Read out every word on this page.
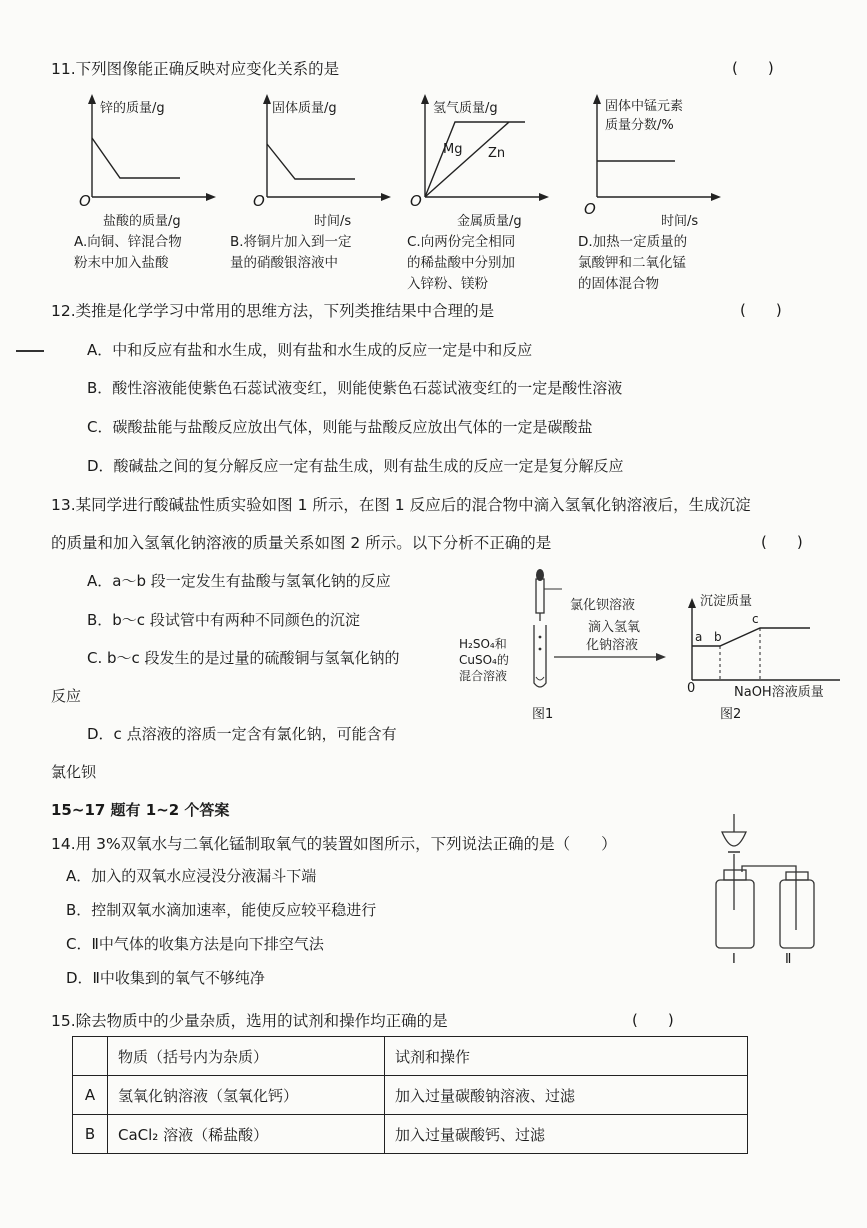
11.下列图像能正确反映对应变化关系的是	(　　)
锌的质量/g
O
盐酸的质量/g
A.向铜、锌混合物
粉末中加入盐酸
固体质量/g
O
时间/s
B.将铜片加入到一定
量的硝酸银溶液中
氢气质量/g
Mg Zn
O
金属质量/g
C.向两份完全相同
的稀盐酸中分别加
入锌粉、镁粉
固体中锰元素
质量分数/%
O
时间/s
D.加热一定质量的
氯酸钾和二氧化锰
的固体混合物
12.类推是化学学习中常用的思维方法，下列类推结果中合理的是	(　　)
A．中和反应有盐和水生成，则有盐和水生成的反应一定是中和反应
B．酸性溶液能使紫色石蕊试液变红，则能使紫色石蕊试液变红的一定是酸性溶液
C．碳酸盐能与盐酸反应放出气体，则能与盐酸反应放出气体的一定是碳酸盐
D．酸碱盐之间的复分解反应一定有盐生成，则有盐生成的反应一定是复分解反应
13.某同学进行酸碱盐性质实验如图 1 所示，在图 1 反应后的混合物中滴入氢氧化钠溶液后，生成沉淀
的质量和加入氢氧化钠溶液的质量关系如图 2 所示。以下分析不正确的是	(　　)
A．a～b 段一定发生有盐酸与氢氧化钠的反应
B．b～c 段试管中有两种不同颜色的沉淀
C. b～c 段发生的是过量的硫酸铜与氢氧化钠的
反应
D．c 点溶液的溶质一定含有氯化钠，可能含有
氯化钡
氯化钡溶液
滴入氢氧
化钠溶液
H₂SO₄和
CuSO₄的
混合溶液
图1
沉淀质量
a b
c
0	NaOH溶液质量
图2
15~17 题有 1~2 个答案
14.用 3%双氧水与二氧化锰制取氧气的装置如图所示，下列说法正确的是（　　）
A．加入的双氧水应浸没分液漏斗下端
B．控制双氧水滴加速率，能使反应较平稳进行
C．Ⅱ中气体的收集方法是向下排空气法
D．Ⅱ中收集到的氧气不够纯净
Ⅰ	Ⅱ
15.除去物质中的少量杂质，选用的试剂和操作均正确的是	(　　)
	物质（括号内为杂质）	试剂和操作
A	氢氧化钠溶液（氢氧化钙）	加入过量碳酸钠溶液、过滤
B	CaCl₂ 溶液（稀盐酸）	加入过量碳酸钙、过滤
